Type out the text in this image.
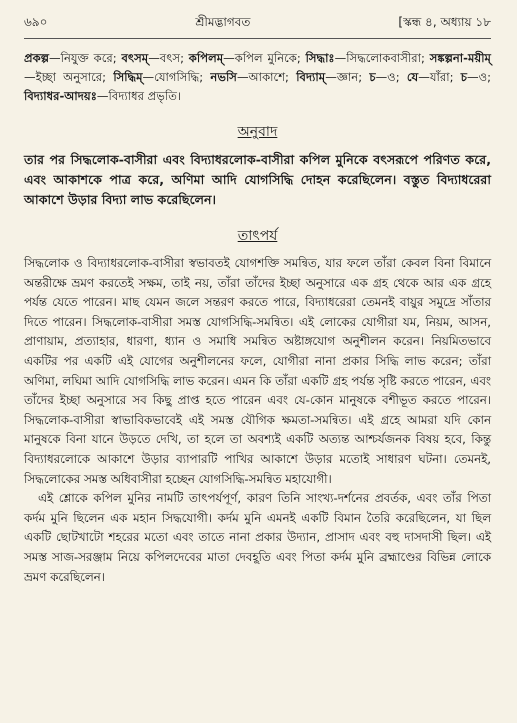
৬৯০	শ্রীমদ্ভাগবত	[স্কন্ধ ৪, অধ্যায় ১৮
প্রকল্প—নিযুক্ত করে; বৎসম্—বৎস; কপিলম্—কপিল মুনিকে; সিদ্ধাঃ—সিদ্ধলোকবাসীরা; সঙ্কল্পনা-ময়ীম্—ইচ্ছা অনুসারে; সিদ্ধিম্—যোগসিদ্ধি; নভসি—আকাশে; বিদ্যাম্—জ্ঞান; চ—ও; যে—যাঁরা; চ—ও; বিদ্যাধর-আদয়ঃ—বিদ্যাধর প্রভৃতি।
অনুবাদ
তার পর সিদ্ধলোক-বাসীরা এবং বিদ্যাধরলোক-বাসীরা কপিল মুনিকে বৎসরূপে পরিণত করে, এবং আকাশকে পাত্র করে, অণিমা আদি যোগসিদ্ধি দোহন করেছিলেন। বস্তুত বিদ্যাধরেরা আকাশে উড়ার বিদ্যা লাভ করেছিলেন।
তাৎপর্য

সিদ্ধলোক ও বিদ্যাধরলোক-বাসীরা স্বভাবতই যোগশক্তি সমন্বিত, যার ফলে তাঁরা কেবল বিনা বিমানে অন্তরীক্ষে ভ্রমণ করতেই সক্ষম, তাই নয়, তাঁরা তাঁদের ইচ্ছা অনুসারে এক গ্রহ থেকে আর এক গ্রহে পর্যন্ত যেতে পারেন। মাছ যেমন জলে সন্তরণ করতে পারে, বিদ্যাধরেরা তেমনই বায়ুর সমুদ্রে সাঁতার দিতে পারেন। সিদ্ধলোক-বাসীরা সমস্ত যোগসিদ্ধি-সমন্বিত। এই লোকের যোগীরা যম, নিয়ম, আসন, প্রাণায়াম, প্রত্যাহার, ধারণা, ধ্যান ও সমাধি সমন্বিত অষ্টাঙ্গযোগ অনুশীলন করেন। নিয়মিতভাবে একটির পর একটি এই যোগের অনুশীলনের ফলে, যোগীরা নানা প্রকার সিদ্ধি লাভ করেন; তাঁরা অণিমা, লঘিমা আদি যোগসিদ্ধি লাভ করেন। এমন কি তাঁরা একটি গ্রহ পর্যন্ত সৃষ্টি করতে পারেন, এবং তাঁদের ইচ্ছা অনুসারে সব কিছু প্রাপ্ত হতে পারেন এবং যে-কোন মানুষকে বশীভূত করতে পারেন। সিদ্ধলোক-বাসীরা স্বাভাবিকভাবেই এই সমস্ত যৌগিক ক্ষমতা-সমন্বিত। এই গ্রহে আমরা যদি কোন মানুষকে বিনা যানে উড়তে দেখি, তা হলে তা অবশ্যই একটি অত্যন্ত আশ্চর্যজনক বিষয় হবে, কিন্তু বিদ্যাধরলোকে আকাশে উড়ার ব্যাপারটি পাখির আকাশে উড়ার মতোই সাধারণ ঘটনা। তেমনই, সিদ্ধলোকের সমস্ত অধিবাসীরা হচ্ছেন যোগসিদ্ধি-সমন্বিত মহাযোগী।

এই শ্লোকে কপিল মুনির নামটি তাৎপর্যপূর্ণ, কারণ তিনি সাংখ্য-দর্শনের প্রবর্তক, এবং তাঁর পিতা কর্দম মুনি ছিলেন এক মহান সিদ্ধযোগী। কর্দম মুনি এমনই একটি বিমান তৈরি করেছিলেন, যা ছিল একটি ছোটখাটো শহরের মতো এবং তাতে নানা প্রকার উদ্যান, প্রাসাদ এবং বহু দাসদাসী ছিল। এই সমস্ত সাজ-সরঞ্জাম নিয়ে কপিলদেবের মাতা দেবহূতি এবং পিতা কর্দম মুনি ব্রহ্মাণ্ডের বিভিন্ন লোকে ভ্রমণ করেছিলেন।
